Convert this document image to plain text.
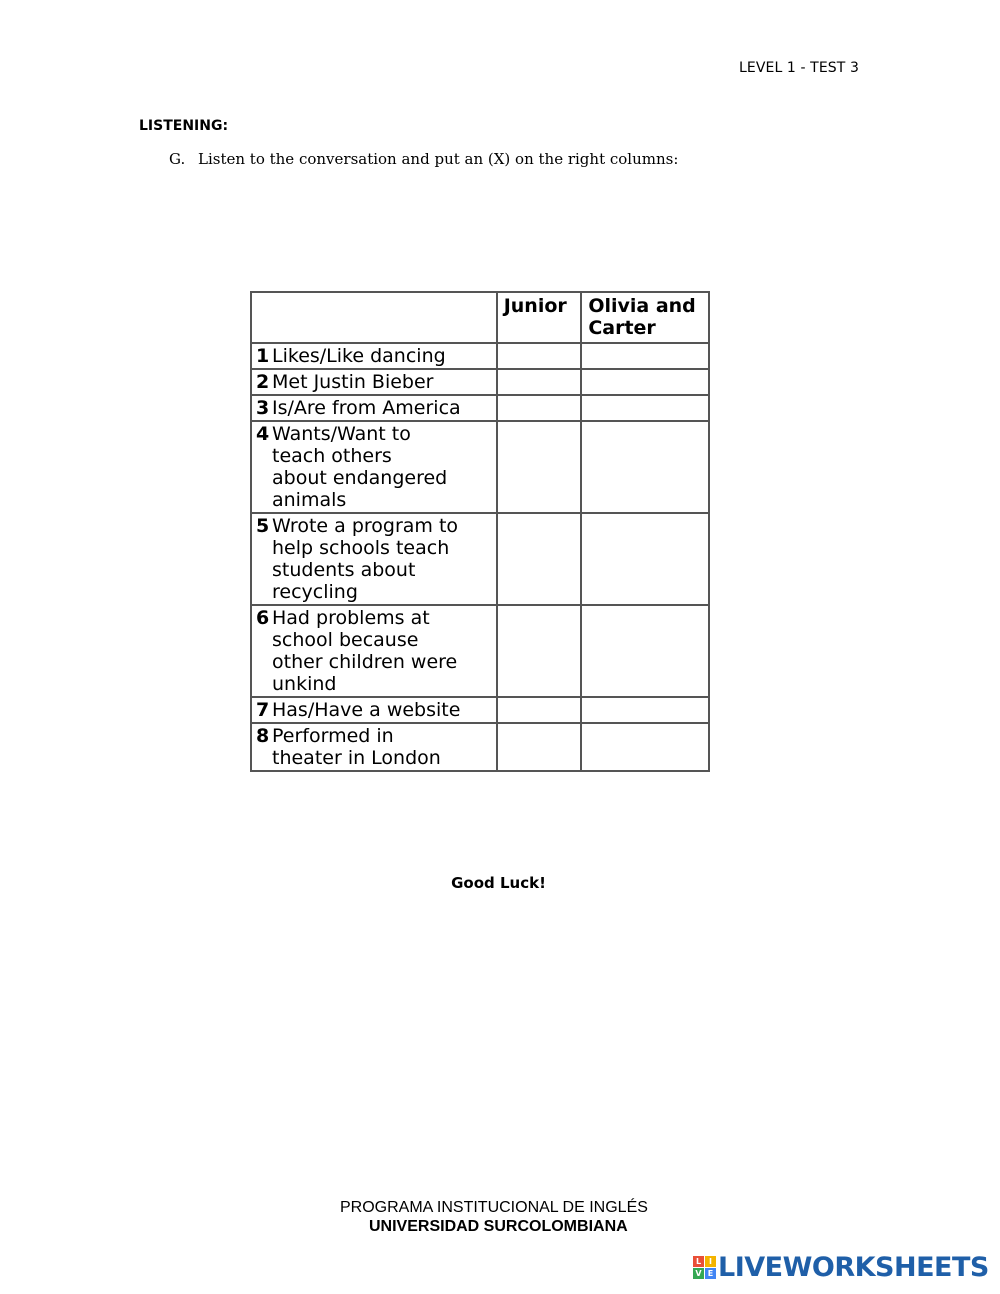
LEVEL 1 - TEST 3
LISTENING:
G. Listen to the conversation and put an (X) on the right columns:
	Junior	Olivia and
Carter

1 Likes/Like dancing		

2 Met Justin Bieber		

3 Is/Are from America		

4 Wants/Want to
teach others
about endangered
animals		

5 Wrote a program to
help schools teach
students about
recycling		

6 Had problems at
school because
other children were
unkind		

7 Has/Have a website		

8 Performed in
theater in London		

Good Luck!
PROGRAMA INSTITUCIONAL DE INGLÉS
UNIVERSIDAD SURCOLOMBIANA
L I
V E LIVEWORKSHEETS
